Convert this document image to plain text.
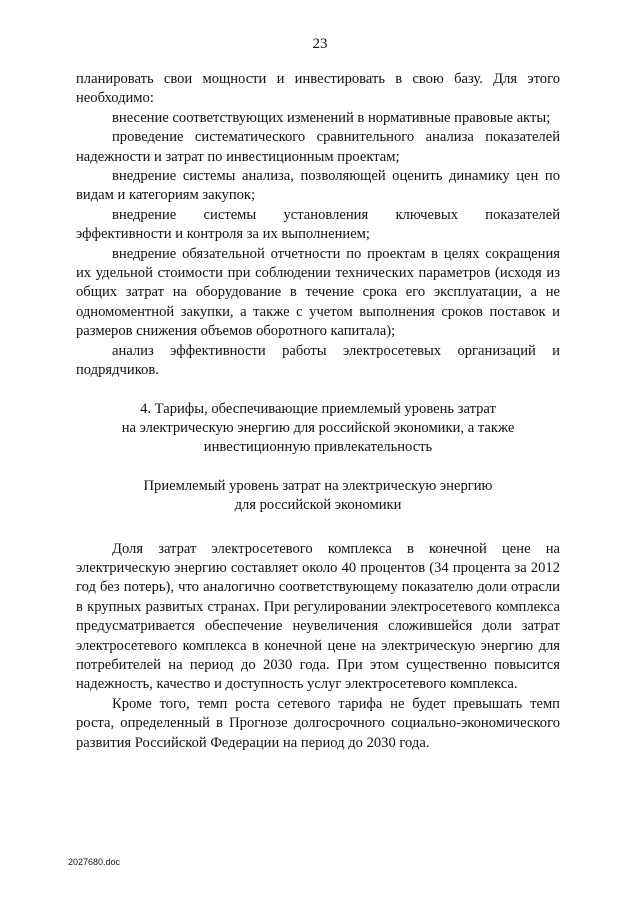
23

планировать свои мощности и инвестировать в свою базу. Для этого необходимо:

внесение соответствующих изменений в нормативные правовые акты;

проведение систематического сравнительного анализа показателей надежности и затрат по инвестиционным проектам;

внедрение системы анализа, позволяющей оценить динамику цен по видам и категориям закупок;

внедрение системы установления ключевых показателей эффективности и контроля за их выполнением;

внедрение обязательной отчетности по проектам в целях сокращения их удельной стоимости при соблюдении технических параметров (исходя из общих затрат на оборудование в течение срока его эксплуатации, а не одномоментной закупки, а также с учетом выполнения сроков поставок и размеров снижения объемов оборотного капитала);

анализ эффективности работы электросетевых организаций и подрядчиков.

4. Тарифы, обеспечивающие приемлемый уровень затрат
на электрическую энергию для российской экономики, а также
инвестиционную привлекательность
Приемлемый уровень затрат на электрическую энергию
для российской экономики

Доля затрат электросетевого комплекса в конечной цене на электрическую энергию составляет около 40 процентов (34 процента за 2012 год без потерь), что аналогично соответствующему показателю доли отрасли в крупных развитых странах. При регулировании электросетевого комплекса предусматривается обеспечение неувеличения сложившейся доли затрат электросетевого комплекса в конечной цене на электрическую энергию для потребителей на период до 2030 года. При этом существенно повысится надежность, качество и доступность услуг электросетевого комплекса.

Кроме того, темп роста сетевого тарифа не будет превышать темп роста, определенный в Прогнозе долгосрочного социально-экономического развития Российской Федерации на период до 2030 года.

2027680.doc
